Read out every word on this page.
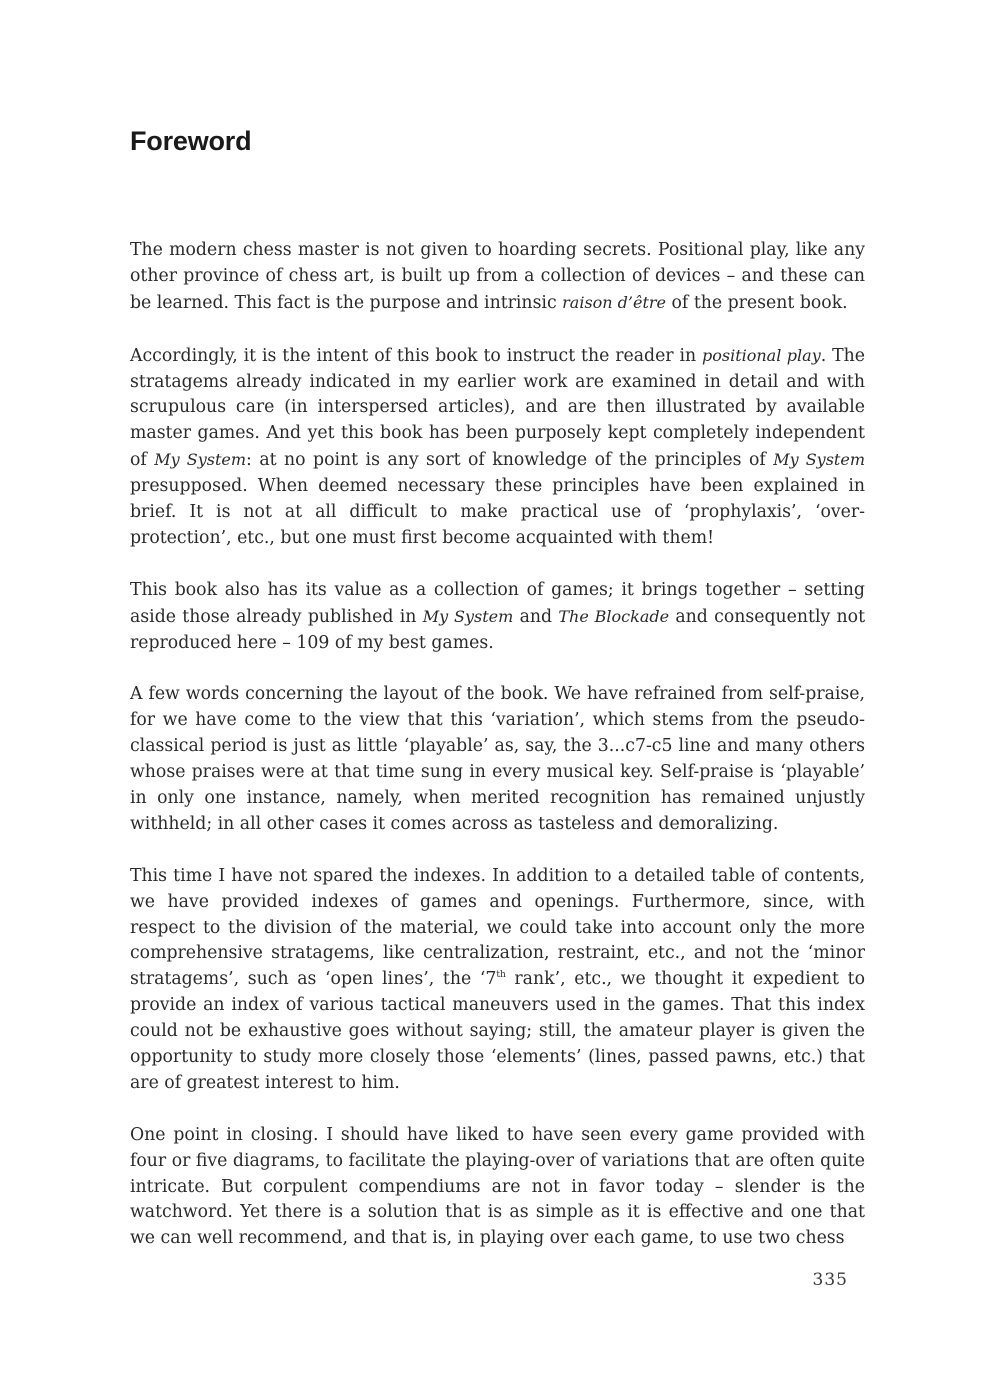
Foreword

The modern chess master is not given to hoarding secrets. Positional play, like any other province of chess art, is built up from a collection of devices – and these can be learned. This fact is the purpose and intrinsic raison d’être of the present book.

Accordingly, it is the intent of this book to instruct the reader in positional play. The stratagems already indicated in my earlier work are examined in detail and with scrupulous care (in interspersed articles), and are then illustrated by available master games. And yet this book has been purposely kept completely independent of My System: at no point is any sort of knowledge of the principles of My System presupposed. When deemed necessary these principles have been explained in brief. It is not at all difficult to make practical use of ‘prophylaxis’, ‘over-protection’, etc., but one must first become acquainted with them!

This book also has its value as a collection of games; it brings together – setting aside those already published in My System and The Blockade and consequently not reproduced here – 109 of my best games.

A few words concerning the layout of the book. We have refrained from self-praise, for we have come to the view that this ‘variation’, which stems from the pseudo-classical period is just as little ‘playable’ as, say, the 3...c7-c5 line and many others whose praises were at that time sung in every musical key. Self-praise is ‘playable’ in only one instance, namely, when merited recognition has remained unjustly withheld; in all other cases it comes across as tasteless and demoralizing.

This time I have not spared the indexes. In addition to a detailed table of contents, we have provided indexes of games and openings. Furthermore, since, with respect to the division of the material, we could take into account only the more comprehensive stratagems, like centralization, restraint, etc., and not the ‘minor stratagems’, such as ‘open lines’, the ‘7th rank’, etc., we thought it expedient to provide an index of various tactical maneuvers used in the games. That this index could not be exhaustive goes without saying; still, the amateur player is given the opportunity to study more closely those ‘elements’ (lines, passed pawns, etc.) that are of greatest interest to him.

One point in closing. I should have liked to have seen every game provided with four or five diagrams, to facilitate the playing-over of variations that are often quite intricate. But corpulent compendiums are not in favor today – slender is the watchword. Yet there is a solution that is as simple as it is effective and one that we can well recommend, and that is, in playing over each game, to use two chess

335
